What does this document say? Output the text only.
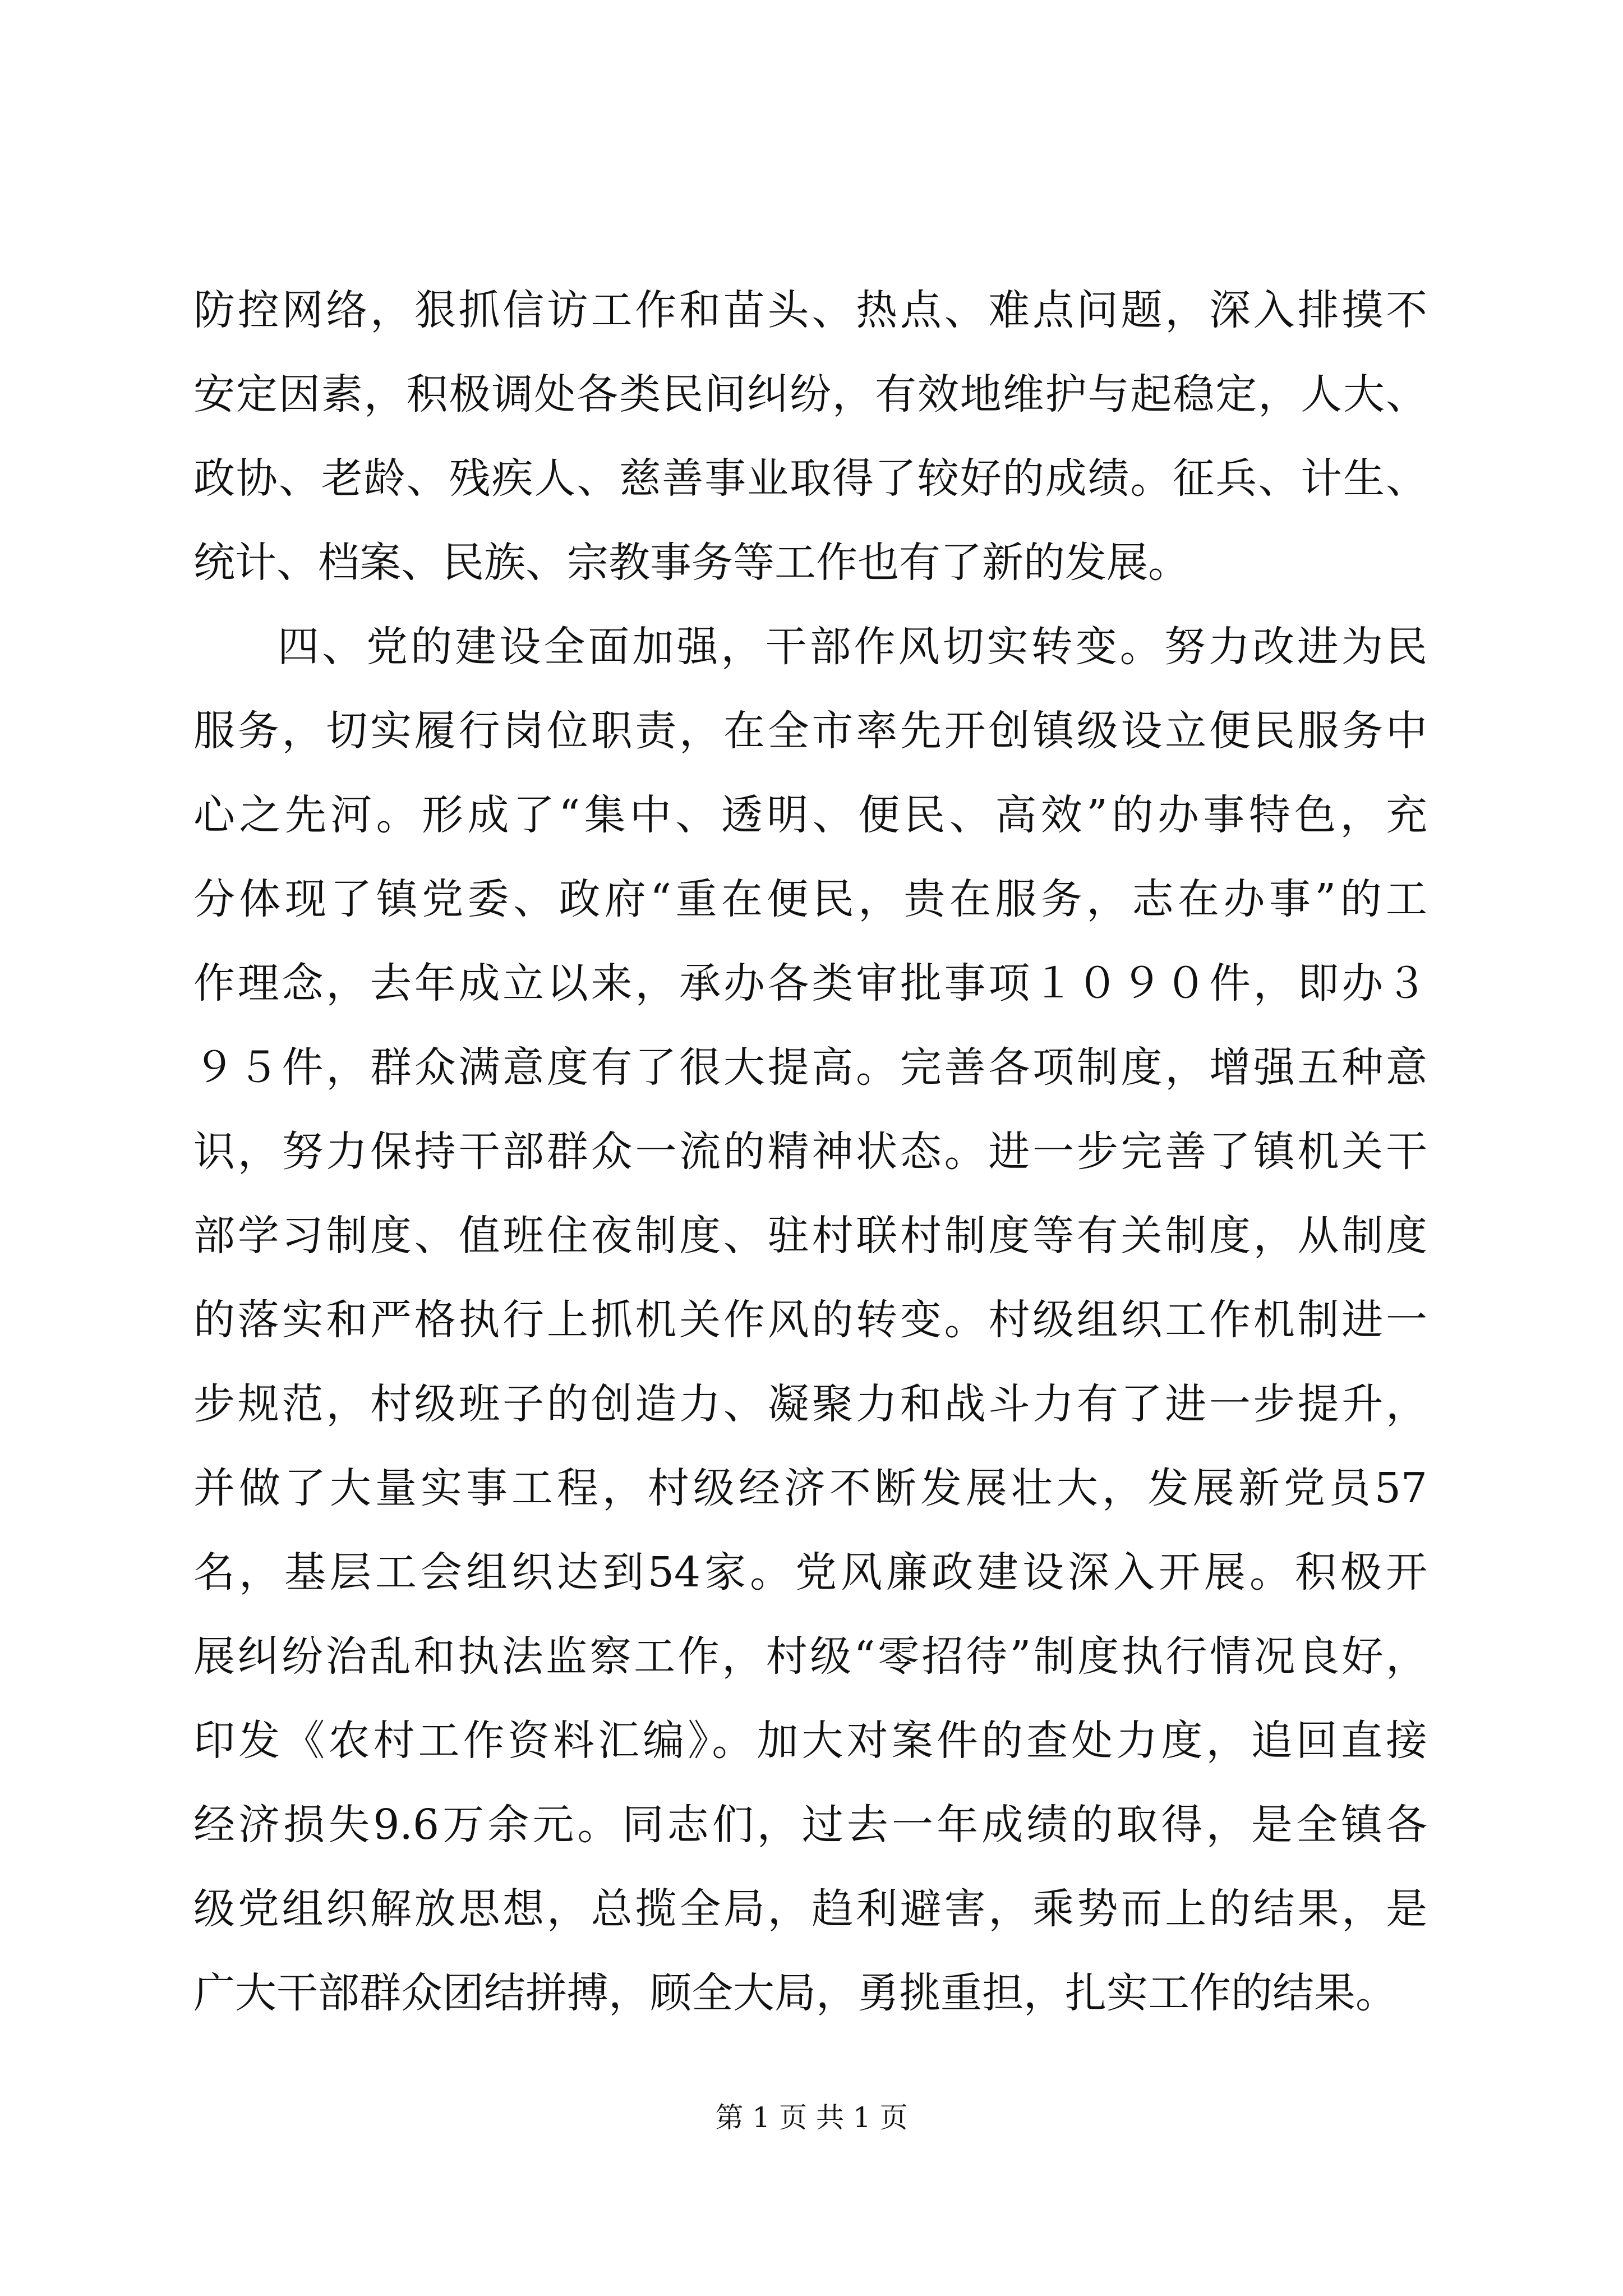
防控网络，狠抓信访工作和苗头、热点、难点问题，深入排摸不
安定因素，积极调处各类民间纠纷，有效地维护与起稳定，人大、
政协、老龄、残疾人、慈善事业取得了较好的成绩。征兵、计生、
统计、档案、民族、宗教事务等工作也有了新的发展。
四、党的建设全面加强，干部作风切实转变。努力改进为民
服务，切实履行岗位职责，在全市率先开创镇级设立便民服务中
心之先河。形成了“集中、透明、便民、高效”的办事特色，充
分体现了镇党委、政府“重在便民，贵在服务，志在办事”的工
作理念，去年成立以来，承办各类审批事项１０９０件，即办３
９５件，群众满意度有了很大提高。完善各项制度，增强五种意
识，努力保持干部群众一流的精神状态。进一步完善了镇机关干
部学习制度、值班住夜制度、驻村联村制度等有关制度，从制度
的落实和严格执行上抓机关作风的转变。村级组织工作机制进一
步规范，村级班子的创造力、凝聚力和战斗力有了进一步提升，
并做了大量实事工程，村级经济不断发展壮大，发展新党员57
名，基层工会组织达到54家。党风廉政建设深入开展。积极开
展纠纷治乱和执法监察工作，村级“零招待”制度执行情况良好，
印发《农村工作资料汇编》。加大对案件的查处力度，追回直接
经济损失9.6万余元。同志们，过去一年成绩的取得，是全镇各
级党组织解放思想，总揽全局，趋利避害，乘势而上的结果，是
广大干部群众团结拼搏，顾全大局，勇挑重担，扎实工作的结果。
第 1 页 共 1 页
